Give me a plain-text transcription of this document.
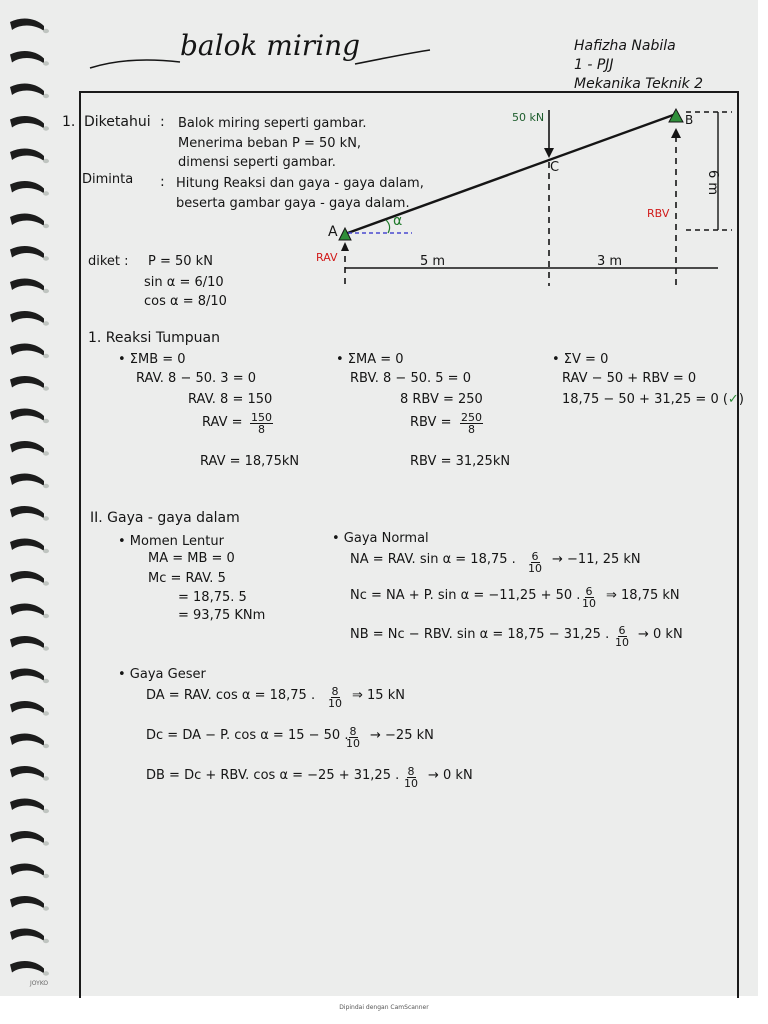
balok miring	Hafizha Nabila
1 - PJJ
Mekanika Teknik 2
1. Diketahui : Balok miring seperti gambar.
Menerima beban P = 50 kN,
dimensi seperti gambar.
Diminta : Hitung Reaksi dan gaya - gaya dalam,
beserta gambar gaya - gaya dalam.
50 kN
A
B
C
α
RAV
RBV
5 m	3 m
6 m
diket : P = 50 kN
sin α = 6/10
cos α = 8/10
1. Reaksi Tumpuan
• ΣMB = 0
RAV. 8 − 50. 3 = 0
RAV. 8 = 150
RAV = $\frac{150}{8}$
RAV = 18,75kN
• ΣMA = 0
RBV. 8 − 50. 5 = 0
8 RBV = 250
RBV = $\frac{250}{8}$
RBV = 31,25kN
• ΣV = 0
RAV − 50 + RBV = 0
18,75 − 50 + 31,25 = 0 (✓)
II. Gaya - gaya dalam
• Momen Lentur
MA = MB = 0
Mc = RAV. 5
= 18,75. 5
= 93,75 KNm
• Gaya Normal
NA = RAV. sin α = 18,75 . $\frac{6}{10} \to -11$, 25 kN
Nc = NA + P. sin α = −11,25 + 50 . $\frac{6}{10}$ ⇒ 18,75 kN
NB = Nc − RBV. sin α = 18,75 − 31,25 . $\frac{6}{10} \to 0$ kN
• Gaya Geser
DA = RAV. cos α = 18,75 . $\frac{8}{10}$ ⇒ 15 kN
Dc = DA − P. cos α = 15 − 50 .
$\frac{8}{10} \to -25$ kN
DB = Dc + RBV. cos α = −25 + 31,25 . $\frac{8}{10} \to 0$ kN
JOYKO
Dipindai dengan CamScanner
